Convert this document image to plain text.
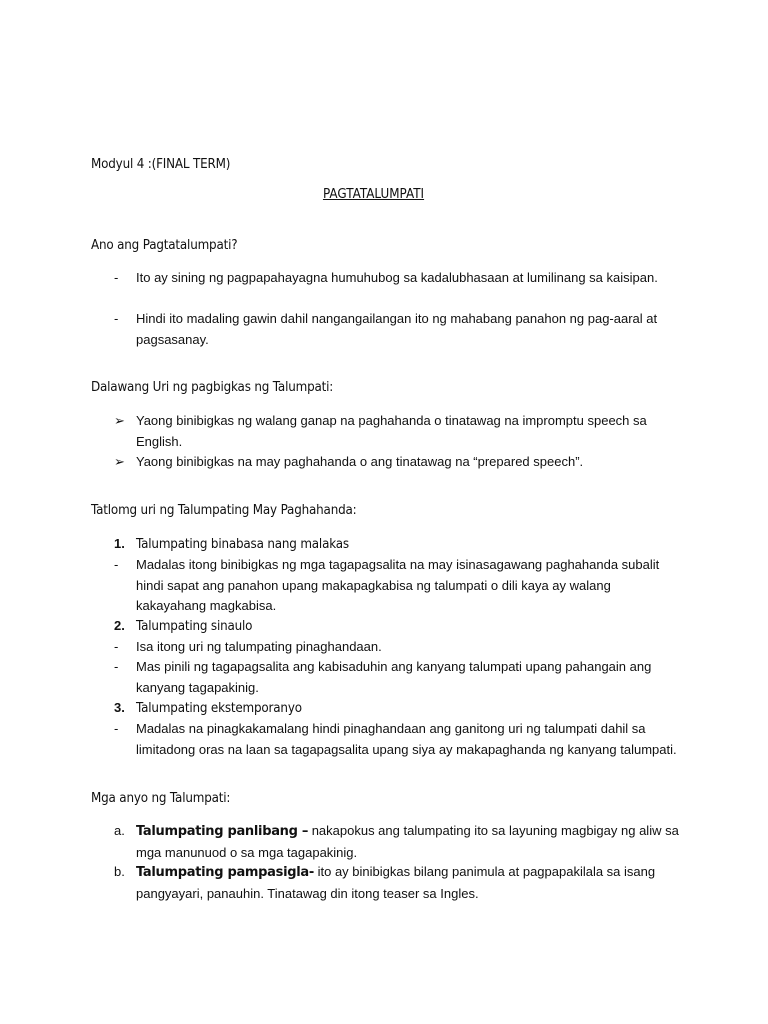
Modyul 4 :(FINAL TERM)
PAGTATALUMPATI
Ano ang Pagtatalumpati?
-	Ito ay sining ng pagpapahayagna humuhubog sa kadalubhasaan at lumilinang sa kaisipan.
-	Hindi ito madaling gawin dahil nangangailangan ito ng mahabang panahon ng pag-aaral at pagsasanay.
Dalawang Uri ng pagbigkas ng Talumpati:
➢ Yaong binibigkas ng walang ganap na paghahanda o tinatawag na impromptu speech sa English.
➢ Yaong binibigkas na may paghahanda o ang tinatawag na “prepared speech”.
Tatlomg uri ng Talumpating May Paghahanda:
1. Talumpating binabasa nang malakas
-	Madalas itong binibigkas ng mga tagapagsalita na may isinasagawang paghahanda subalit hindi sapat ang panahon upang makapagkabisa ng talumpati o dili kaya ay walang kakayahang magkabisa.
2. Talumpating sinaulo
-	Isa itong uri ng talumpating pinaghandaan.
-	Mas pinili ng tagapagsalita ang kabisaduhin ang kanyang talumpati upang pahangain ang kanyang tagapakinig.
3. Talumpating ekstemporanyo
-	Madalas na pinagkakamalang hindi pinaghandaan ang ganitong uri ng talumpati dahil sa limitadong oras na laan sa tagapagsalita upang siya ay makapaghanda ng kanyang talumpati.
Mga anyo ng Talumpati:
a. Talumpating panlibang – nakapokus ang talumpating ito sa layuning magbigay ng aliw sa mga manunuod o sa mga tagapakinig.
b. Talumpating pampasigla- ito ay binibigkas bilang panimula at pagpapakilala sa isang pangyayari, panauhin. Tinatawag din itong teaser sa Ingles.
